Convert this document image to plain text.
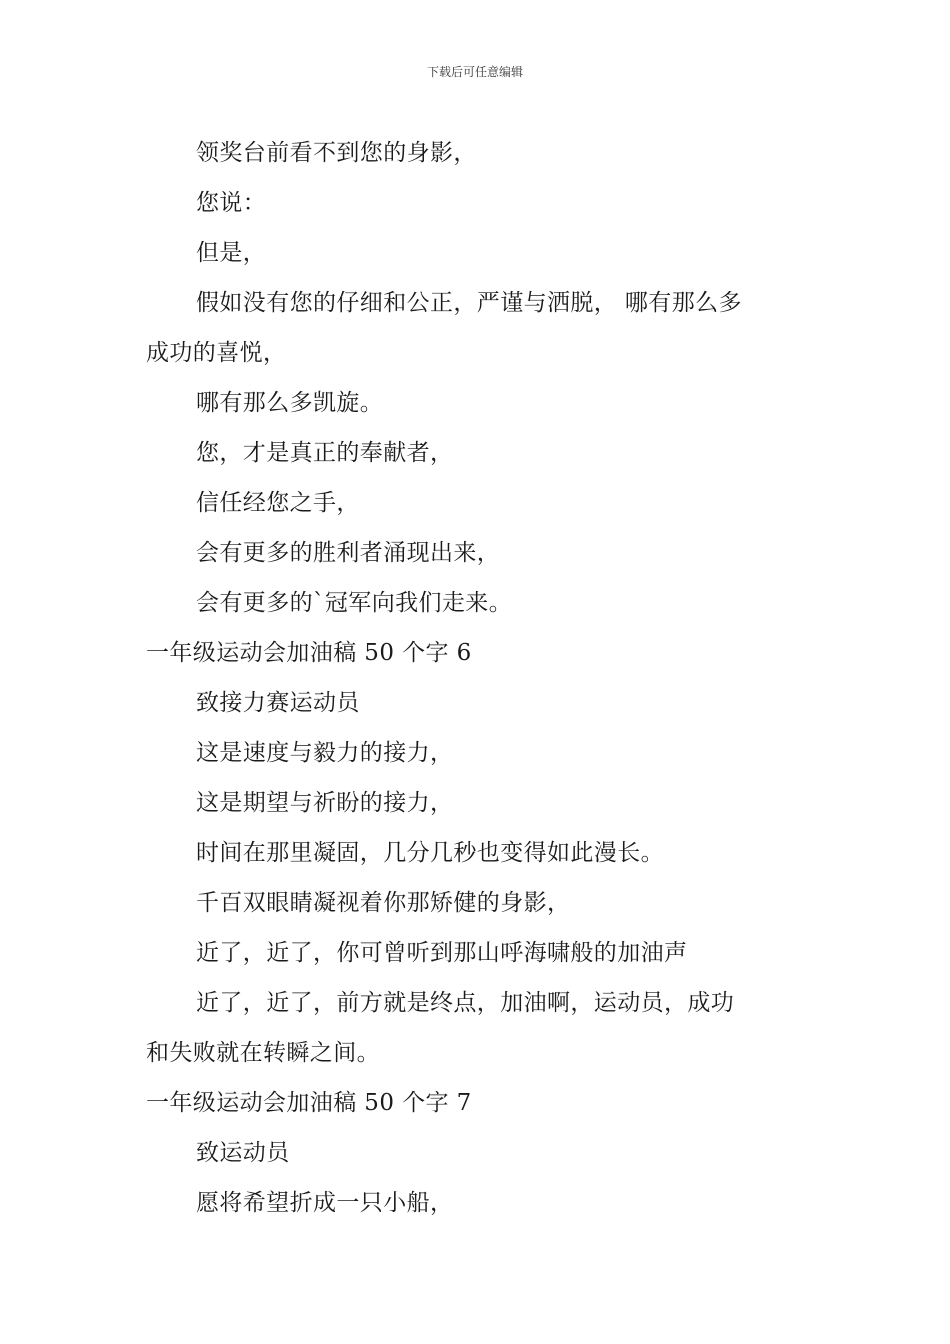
下载后可任意编辑
领奖台前看不到您的身影，
您说：
但是，
假如没有您的仔细和公正，严谨与洒脱， 哪有那么多
成功的喜悦，
哪有那么多凯旋。
您，才是真正的奉献者，
信任经您之手，
会有更多的胜利者涌现出来，
会有更多的`冠军向我们走来。
一年级运动会加油稿 50 个字 6
致接力赛运动员
这是速度与毅力的接力，
这是期望与祈盼的接力，
时间在那里凝固，几分几秒也变得如此漫长。
千百双眼睛凝视着你那矫健的身影，
近了，近了，你可曾听到那山呼海啸般的加油声
近了，近了，前方就是终点，加油啊，运动员，成功
和失败就在转瞬之间。
一年级运动会加油稿 50 个字 7
致运动员
愿将希望折成一只小船，
